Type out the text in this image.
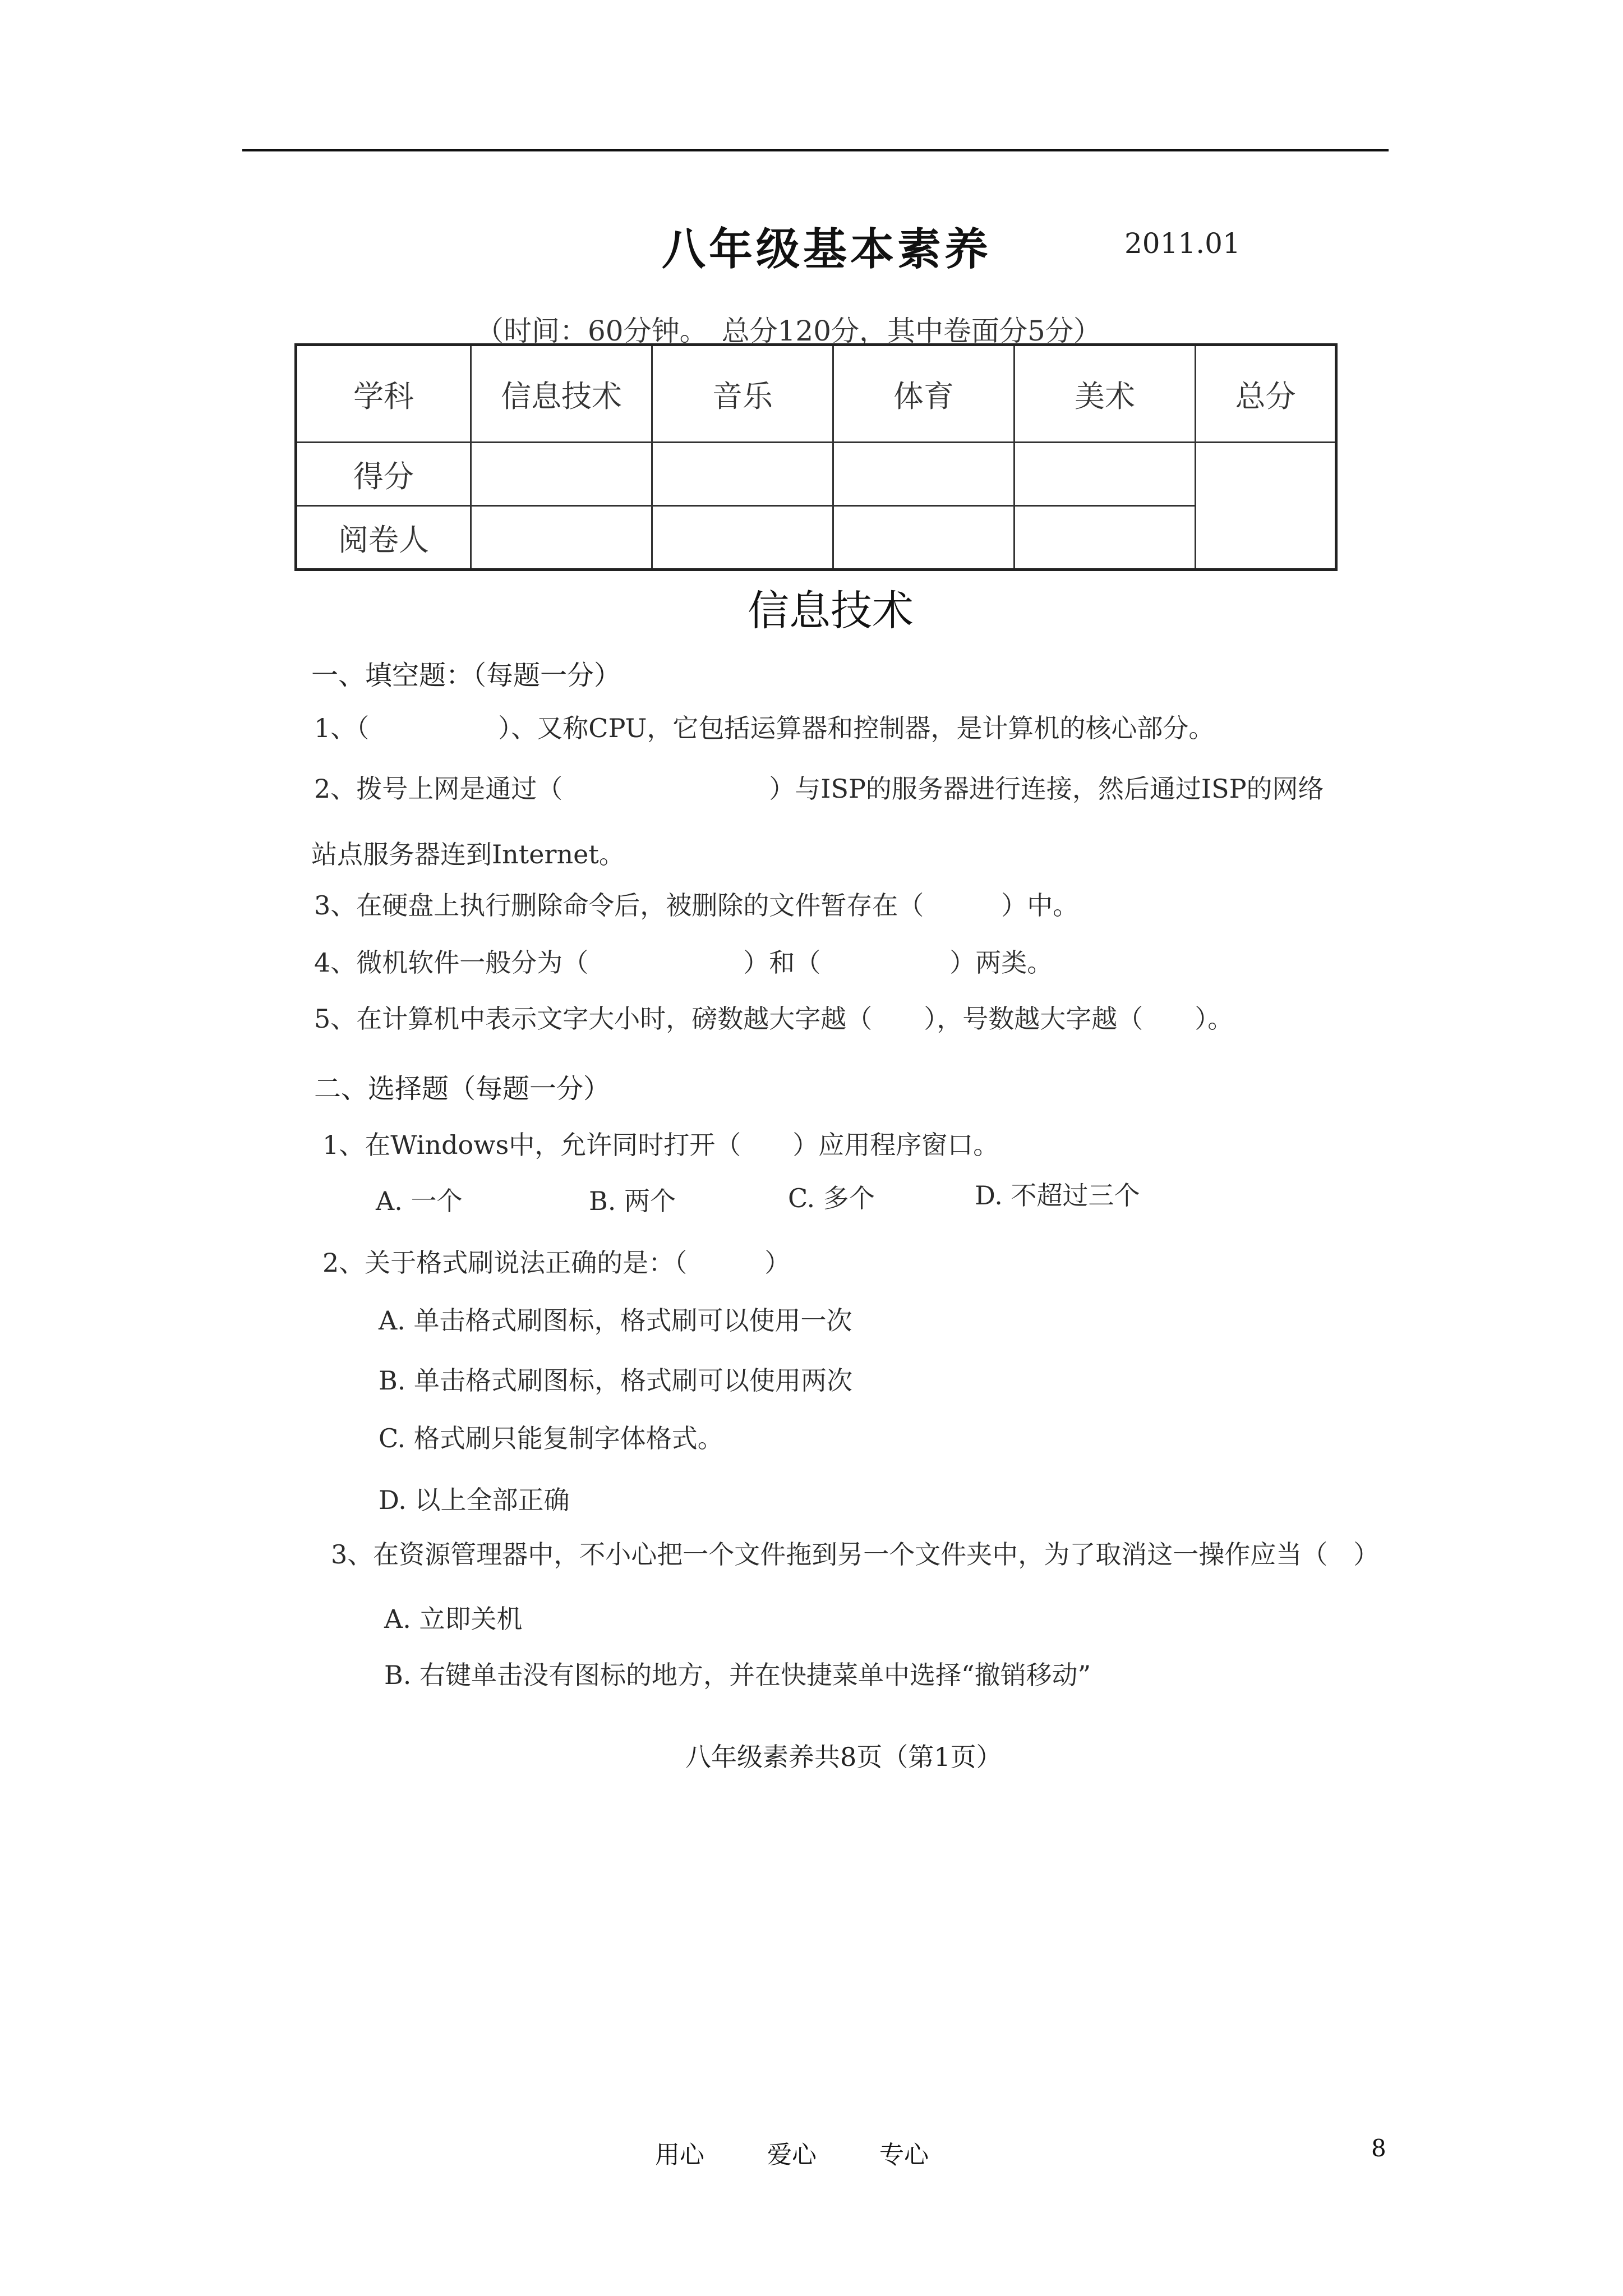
八年级基本素养	2011.01
（时间：60分钟。　总分120分，其中卷面分5分）
学科	信息技术	音乐	体育	美术	总分
得分					
阅卷人					
信息技术
一、填空题：（每题一分）
1、（　　　　　）、又称CPU，它包括运算器和控制器，是计算机的核心部分。
2、拨号上网是通过（　　　　　　　　）与ISP的服务器进行连接，然后通过ISP的网络
站点服务器连到Internet。
3、在硬盘上执行删除命令后，被删除的文件暂存在（　　　）中。
4、微机软件一般分为（　　　　　　）和（　　　　　）两类。
5、在计算机中表示文字大小时，磅数越大字越（　　），号数越大字越（　　）。
二、选择题（每题一分）
1、在Windows中，允许同时打开（　　）应用程序窗口。
A. 一个	B. 两个	C. 多个	D. 不超过三个
2、关于格式刷说法正确的是：（　　　）
A. 单击格式刷图标，格式刷可以使用一次
B. 单击格式刷图标，格式刷可以使用两次
C. 格式刷只能复制字体格式。
D. 以上全部正确
3、在资源管理器中，不小心把一个文件拖到另一个文件夹中，为了取消这一操作应当（　）
A. 立即关机
B. 右键单击没有图标的地方，并在快捷菜单中选择“撤销移动”
八年级素养共8页（第1页）
用心	爱心	专心	8
